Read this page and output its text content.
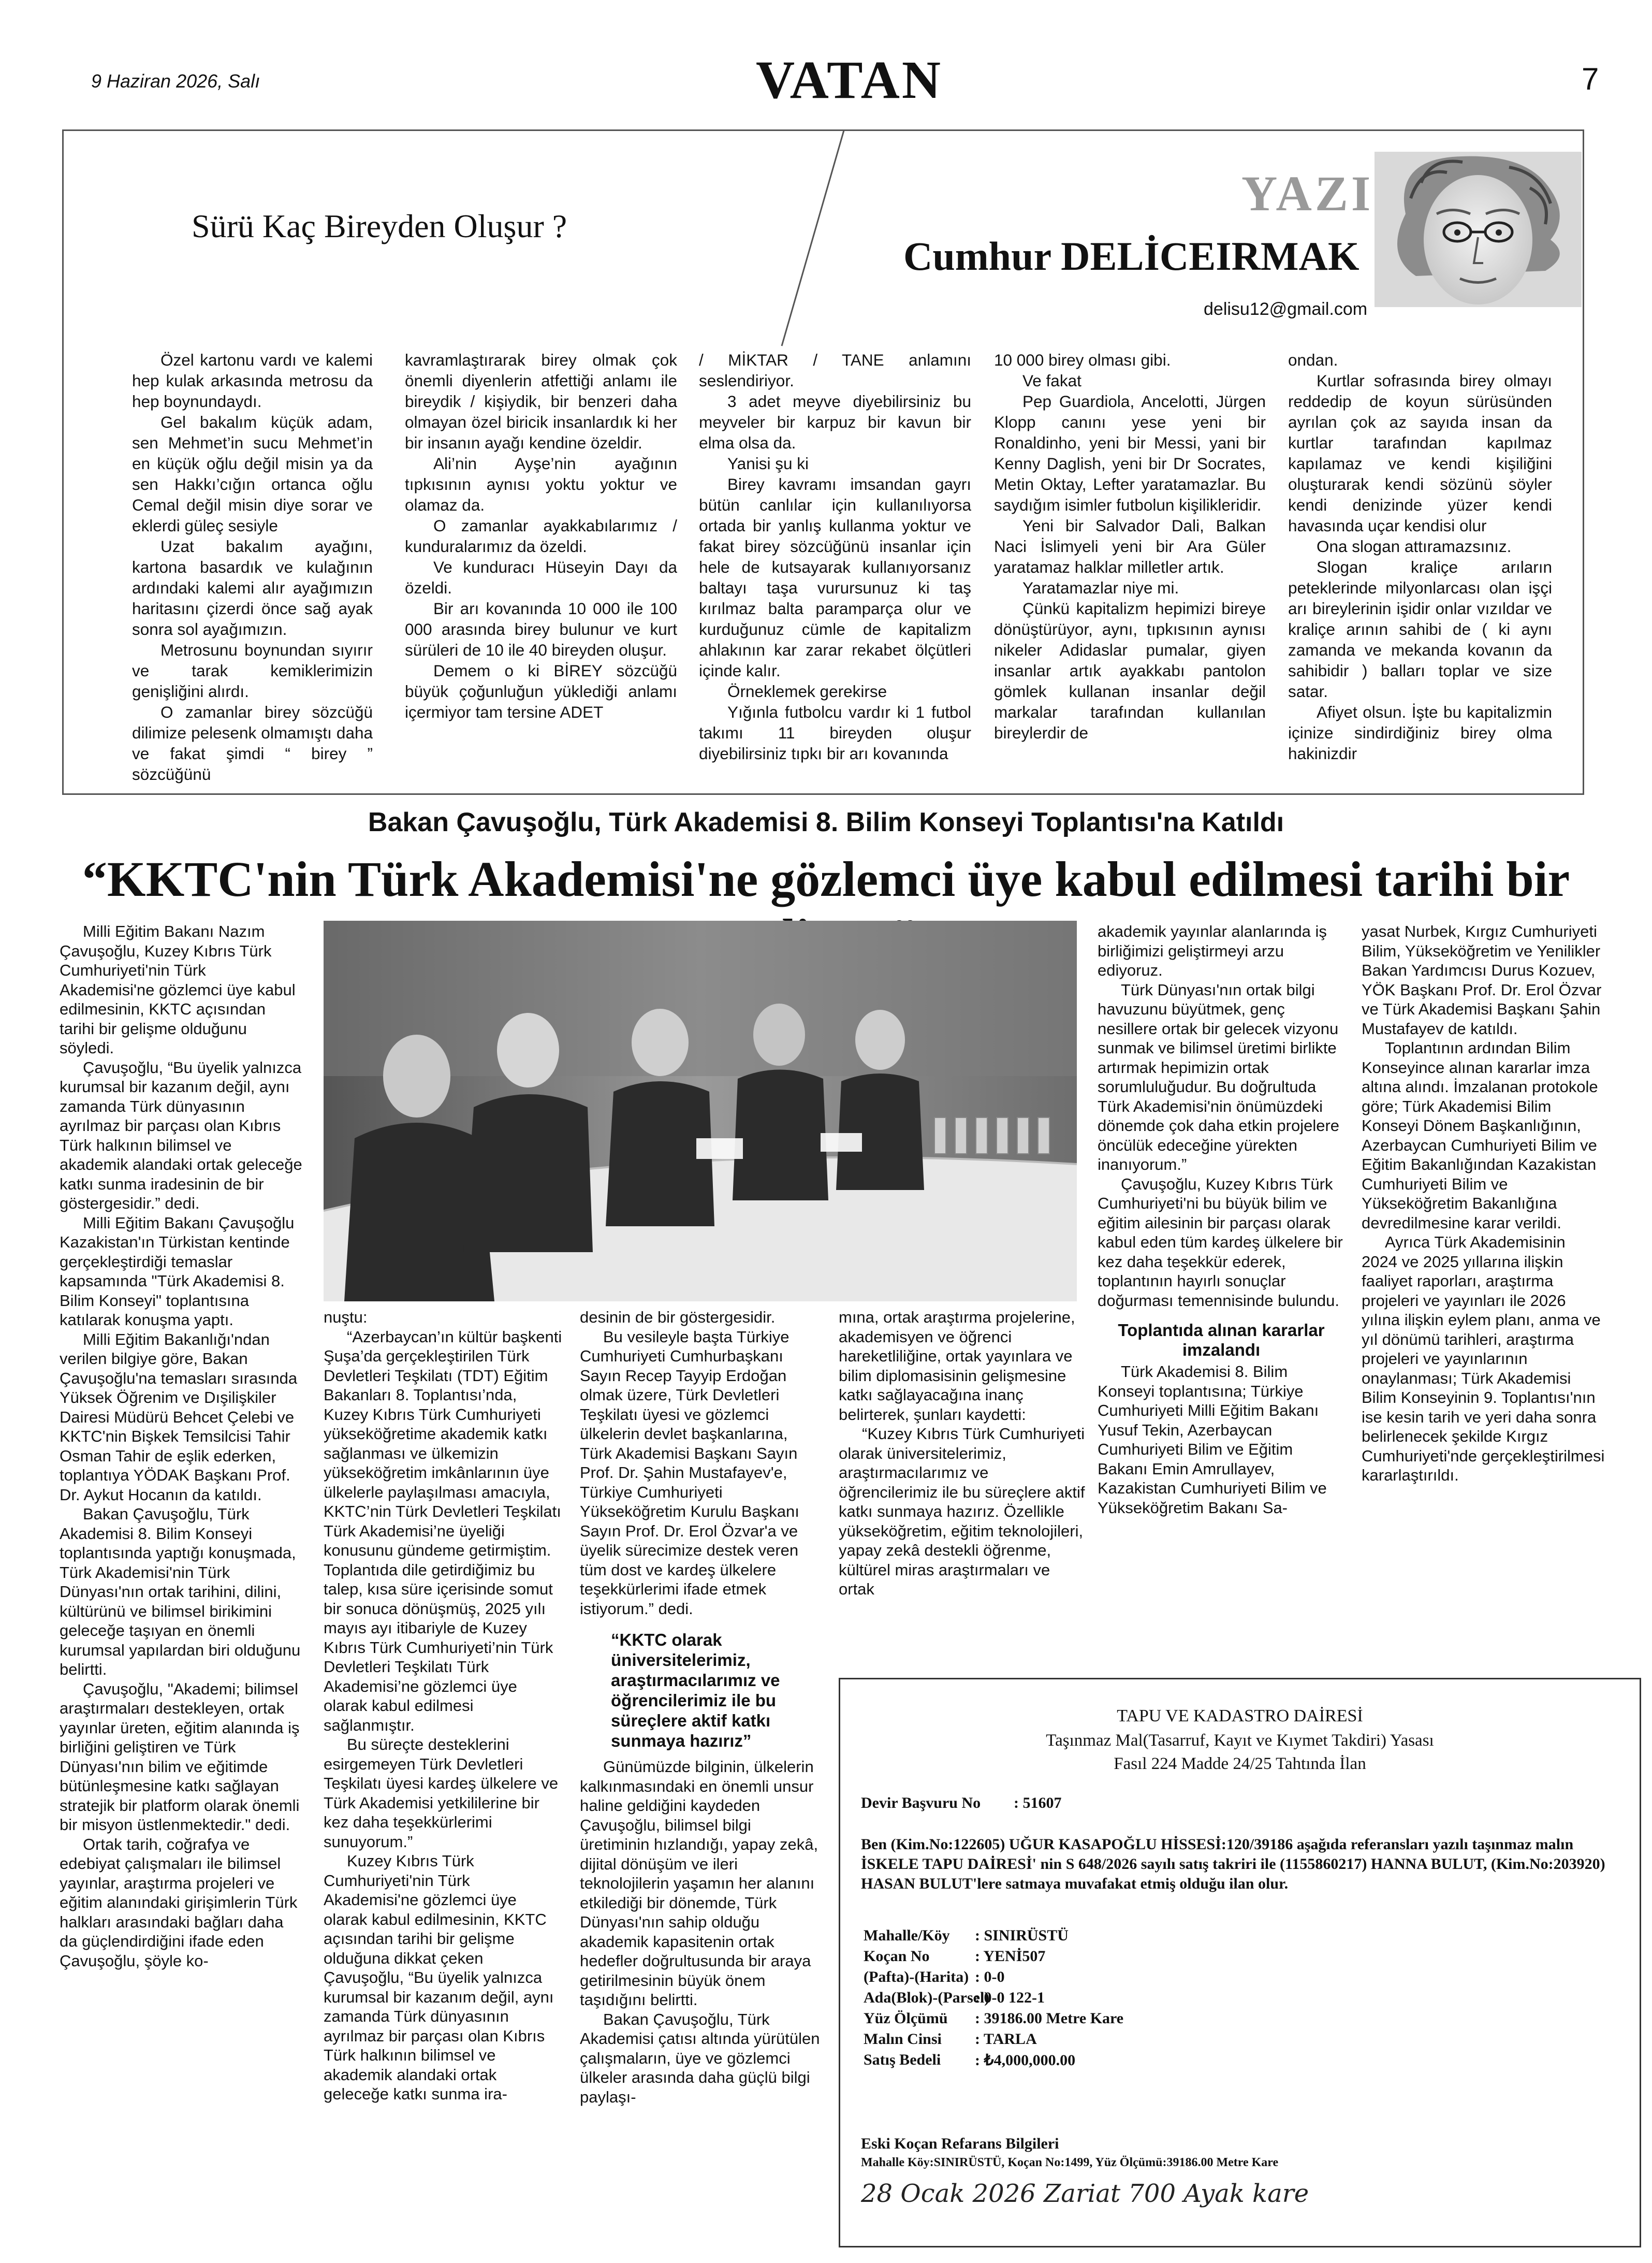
9 Haziran 2026, Salı	VATAN	7
Sürü Kaç Bireyden Oluşur ?
YAZI
Cumhur DELİCEIRMAK
delisu12@gmail.com

Özel kartonu vardı ve kalemi hep kulak arkasında metrosu da hep boynundaydı.

Gel bakalım küçük adam, sen Mehmet’in sucu Mehmet’in en küçük oğlu değil misin ya da sen Hakkı’cığın ortanca oğlu Cemal değil misin diye sorar ve eklerdi güleç sesiyle

Uzat bakalım ayağını, kartona basardık ve kulağının ardındaki kalemi alır ayağımızın haritasını çizerdi önce sağ ayak sonra sol ayağımızın.

Metrosunu boynundan sıyırır ve tarak kemiklerimizin genişliğini alırdı.

O zamanlar birey sözcüğü dilimize pelesenk olmamıştı daha ve fakat şimdi “ birey ” sözcüğünü

kavramlaştırarak birey olmak çok önemli diyenlerin atfettiği anlamı ile bireydik / kişiydik, bir benzeri daha olmayan özel biricik insanlardık ki her bir insanın ayağı kendine özeldir.

Ali’nin Ayşe’nin ayağının tıpkısının aynısı yoktu yoktur ve olamaz da.

O zamanlar ayakkabılarımız / kunduralarımız da özeldi.

Ve kunduracı Hüseyin Dayı da özeldi.

Bir arı kovanında 10 000 ile 100 000 arasında birey bulunur ve kurt sürüleri de 10 ile 40 bireyden oluşur.

Demem o ki BİREY sözcüğü büyük çoğunluğun yüklediği anlamı içermiyor tam tersine ADET

/ MİKTAR / TANE anlamını seslendiriyor.

3 adet meyve diyebilirsiniz bu meyveler bir karpuz bir kavun bir elma olsa da.

Yanisi şu ki

Birey kavramı imsandan gayrı bütün canlılar için kullanılıyorsa ortada bir yanlış kullanma yoktur ve fakat birey sözcüğünü insanlar için hele de kutsayarak kullanıyorsanız baltayı taşa vurursunuz ki taş kırılmaz balta paramparça olur ve kurduğunuz cümle de kapitalizm ahlakının kar zarar rekabet ölçütleri içinde kalır.

Örneklemek gerekirse

Yığınla futbolcu vardır ki 1 futbol takımı 11 bireyden oluşur diyebilirsiniz tıpkı bir arı kovanında

10 000 birey olması gibi.

Ve fakat

Pep Guardiola, Ancelotti, Jürgen Klopp canını yese yeni bir Ronaldinho, yeni bir Messi, yani bir Kenny Daglish, yeni bir Dr Socrates, Metin Oktay, Lefter yaratamazlar. Bu saydığım isimler futbolun kişilikleridir.

Yeni bir Salvador Dali, Balkan Naci İslimyeli yeni bir Ara Güler yaratamaz halklar milletler artık.

Yaratamazlar niye mi.

Çünkü kapitalizm hepimizi bireye dönüştürüyor, aynı, tıpkısının aynısı nikeler Adidaslar pumalar, giyen insanlar artık ayakkabı pantolon gömlek kullanan insanlar değil markalar tarafından kullanılan bireylerdir de

ondan.

Kurtlar sofrasında birey olmayı reddedip de koyun sürüsünden ayrılan çok az sayıda insan da kurtlar tarafından kapılmaz kapılamaz ve kendi kişiliğini oluşturarak kendi sözünü söyler kendi denizinde yüzer kendi havasında uçar kendisi olur

Ona slogan attıramazsınız.

Slogan kraliçe arıların peteklerinde milyonlarcası olan işçi arı bireylerinin işidir onlar vızıldar ve kraliçe arının sahibi de ( ki aynı zamanda ve mekanda kovanın da sahibidir ) balları toplar ve size satar.

Afiyet olsun. İşte bu kapitalizmin içinize sindirdiğiniz birey olma hakinizdir

Bakan Çavuşoğlu, Türk Akademisi 8. Bilim Konseyi Toplantısı'na Katıldı
“KKTC'nin Türk Akademisi'ne gözlemci üye kabul edilmesi tarihi bir

Milli Eğitim Bakanı Nazım Çavuşoğlu, Kuzey Kıbrıs Türk Cumhuriyeti'nin Türk Akademisi'ne gözlemci üye kabul edilmesinin, KKTC açısından tarihi bir gelişme olduğunu söyledi.

Çavuşoğlu, “Bu üyelik yalnızca kurumsal bir kazanım değil, aynı zamanda Türk dünyasının ayrılmaz bir parçası olan Kıbrıs Türk halkının bilimsel ve akademik alandaki ortak geleceğe katkı sunma iradesinin de bir göstergesidir.” dedi.

Milli Eğitim Bakanı Çavuşoğlu Kazakistan'ın Türkistan kentinde gerçekleştirdiği temaslar kapsamında "Türk Akademisi 8. Bilim Konseyi" toplantısına katılarak konuşma yaptı.

Milli Eğitim Bakanlığı'ndan verilen bilgiye göre, Bakan Çavuşoğlu'na temasları sırasında Yüksek Öğrenim ve Dışilişkiler Dairesi Müdürü Behcet Çelebi ve KKTC'nin Bişkek Temsilcisi Tahir Osman Tahir de eşlik ederken, toplantıya YÖDAK Başkanı Prof. Dr. Aykut Hocanın da katıldı.

Bakan Çavuşoğlu, Türk Akademisi 8. Bilim Konseyi toplantısında yaptığı konuşmada, Türk Akademisi'nin Türk Dünyası'nın ortak tarihini, dilini, kültürünü ve bilimsel birikimini geleceğe taşıyan en önemli kurumsal yapılardan biri olduğunu belirtti.

Çavuşoğlu, "Akademi; bilimsel araştırmaları destekleyen, ortak yayınlar üreten, eğitim alanında iş birliğini geliştiren ve Türk Dünyası'nın bilim ve eğitimde bütünleşmesine katkı sağlayan stratejik bir platform olarak önemli bir misyon üstlenmektedir." dedi.

Ortak tarih, coğrafya ve edebiyat çalışmaları ile bilimsel yayınlar, araştırma projeleri ve eğitim alanındaki girişimlerin Türk halkları arasındaki bağları daha da güçlendirdiğini ifade eden Çavuşoğlu, şöyle ko-

nuştu:

“Azerbaycan’ın kültür başkenti Şuşa’da gerçekleştirilen Türk Devletleri Teşkilatı (TDT) Eğitim Bakanları 8. Toplantısı’nda, Kuzey Kıbrıs Türk Cumhuriyeti yükseköğretime akademik katkı sağlanması ve ülkemizin yükseköğretim imkânlarının üye ülkelerle paylaşılması amacıyla, KKTC’nin Türk Devletleri Teşkilatı Türk Akademisi’ne üyeliği konusunu gündeme getirmiştim. Toplantıda dile getirdiğimiz bu talep, kısa süre içerisinde somut bir sonuca dönüşmüş, 2025 yılı mayıs ayı itibariyle de Kuzey Kıbrıs Türk Cumhuriyeti’nin Türk Devletleri Teşkilatı Türk Akademisi’ne gözlemci üye olarak kabul edilmesi sağlanmıştır.

Bu süreçte desteklerini esirgemeyen Türk Devletleri Teşkilatı üyesi kardeş ülkelere ve Türk Akademisi yetkililerine bir kez daha teşekkürlerimi sunuyorum.”

Kuzey Kıbrıs Türk Cumhuriyeti'nin Türk Akademisi'ne gözlemci üye olarak kabul edilmesinin, KKTC açısından tarihi bir gelişme olduğuna dikkat çeken Çavuşoğlu, “Bu üyelik yalnızca kurumsal bir kazanım değil, aynı zamanda Türk dünyasının ayrılmaz bir parçası olan Kıbrıs Türk halkının bilimsel ve akademik alandaki ortak geleceğe katkı sunma ira-

desinin de bir göstergesidir.

Bu vesileyle başta Türkiye Cumhuriyeti Cumhurbaşkanı Sayın Recep Tayyip Erdoğan olmak üzere, Türk Devletleri Teşkilatı üyesi ve gözlemci ülkelerin devlet başkanlarına, Türk Akademisi Başkanı Sayın Prof. Dr. Şahin Mustafayev'e, Türkiye Cumhuriyeti Yükseköğretim Kurulu Başkanı Sayın Prof. Dr. Erol Özvar'a ve üyelik sürecimize destek veren tüm dost ve kardeş ülkelere teşekkürlerimi ifade etmek istiyorum.” dedi.

“KKTC olarak üniversitelerimiz, araştırmacılarımız ve öğrencilerimiz ile bu süreçlere aktif katkı sunmaya hazırız”

Günümüzde bilginin, ülkelerin kalkınmasındaki en önemli unsur haline geldiğini kaydeden Çavuşoğlu, bilimsel bilgi üretiminin hızlandığı, yapay zekâ, dijital dönüşüm ve ileri teknolojilerin yaşamın her alanını etkilediği bir dönemde, Türk Dünyası'nın sahip olduğu akademik kapasitenin ortak hedefler doğrultusunda bir araya getirilmesinin büyük önem taşıdığını belirtti.

Bakan Çavuşoğlu, Türk Akademisi çatısı altında yürütülen çalışmaların, üye ve gözlemci ülkeler arasında daha güçlü bilgi paylaşı-

mına, ortak araştırma projelerine, akademisyen ve öğrenci hareketliliğine, ortak yayınlara ve bilim diplomasisinin gelişmesine katkı sağlayacağına inanç belirterek, şunları kaydetti:

“Kuzey Kıbrıs Türk Cumhuriyeti olarak üniversitelerimiz, araştırmacılarımız ve öğrencilerimiz ile bu süreçlere aktif katkı sunmaya hazırız. Özellikle yükseköğretim, eğitim teknolojileri, yapay zekâ destekli öğrenme, kültürel miras araştırmaları ve ortak

akademik yayınlar alanlarında iş birliğimizi geliştirmeyi arzu ediyoruz.

Türk Dünyası'nın ortak bilgi havuzunu büyütmek, genç nesillere ortak bir gelecek vizyonu sunmak ve bilimsel üretimi birlikte artırmak hepimizin ortak sorumluluğudur. Bu doğrultuda Türk Akademisi'nin önümüzdeki dönemde çok daha etkin projelere öncülük edeceğine yürekten inanıyorum.”

Çavuşoğlu, Kuzey Kıbrıs Türk Cumhuriyeti'ni bu büyük bilim ve eğitim ailesinin bir parçası olarak kabul eden tüm kardeş ülkelere bir kez daha teşekkür ederek, toplantının hayırlı sonuçlar doğurması temennisinde bulundu.

Toplantıda alınan kararlar imzalandı

Türk Akademisi 8. Bilim Konseyi toplantısına; Türkiye Cumhuriyeti Milli Eğitim Bakanı Yusuf Tekin, Azerbaycan Cumhuriyeti Bilim ve Eğitim Bakanı Emin Amrullayev, Kazakistan Cumhuriyeti Bilim ve Yükseköğretim Bakanı Sa-

yasat Nurbek, Kırgız Cumhuriyeti Bilim, Yükseköğretim ve Yenilikler Bakan Yardımcısı Durus Kozuev, YÖK Başkanı Prof. Dr. Erol Özvar ve Türk Akademisi Başkanı Şahin Mustafayev de katıldı.

Toplantının ardından Bilim Konseyince alınan kararlar imza altına alındı. İmzalanan protokole göre; Türk Akademisi Bilim Konseyi Dönem Başkanlığının, Azerbaycan Cumhuriyeti Bilim ve Eğitim Bakanlığından Kazakistan Cumhuriyeti Bilim ve Yükseköğretim Bakanlığına devredilmesine karar verildi.

Ayrıca Türk Akademisinin 2024 ve 2025 yıllarına ilişkin faaliyet raporları, araştırma projeleri ve yayınları ile 2026 yılına ilişkin eylem planı, anma ve yıl dönümü tarihleri, araştırma projeleri ve yayınlarının onaylanması; Türk Akademisi Bilim Konseyinin 9. Toplantısı'nın ise kesin tarih ve yeri daha sonra belirlenecek şekilde Kırgız Cumhuriyeti'nde gerçekleştirilmesi kararlaştırıldı.

TAPU VE KADASTRO DAİRESİ
Taşınmaz Mal(Tasarruf, Kayıt ve Kıymet Takdiri) Yasası
Fasıl 224 Madde 24/25 Tahtında İlan
Devir Başvuru No : 51607
Ben (Kim.No:122605) UĞUR KASAPOĞLU HİSSESİ:120/39186 aşağıda referansları yazılı taşınmaz malın İSKELE TAPU DAİRESİ' nin S 648/2026 sayılı satış takriri ile (1155860217) HANNA BULUT, (Kim.No:203920) HASAN BULUT'lere satmaya muvafakat etmiş olduğu ilan olur.
Mahalle/Köy : SINIRÜSTÜ
Koçan No	: YENİ507
(Pafta)-(Harita) : 0-0
Ada(Blok)-(Parsel)
: 0-0 122-1
Yüz Ölçümü : 39186.00 Metre Kare
Malın Cinsi : TARLA
Satış Bedeli : ₺4,000,000.00
Eski Koçan Refarans Bilgileri
Mahalle Köy:SINIRÜSTÜ, Koçan No:1499, Yüz Ölçümü:39186.00 Metre Kare
28 Ocak 2026 Zariat 700 Ayak kare
